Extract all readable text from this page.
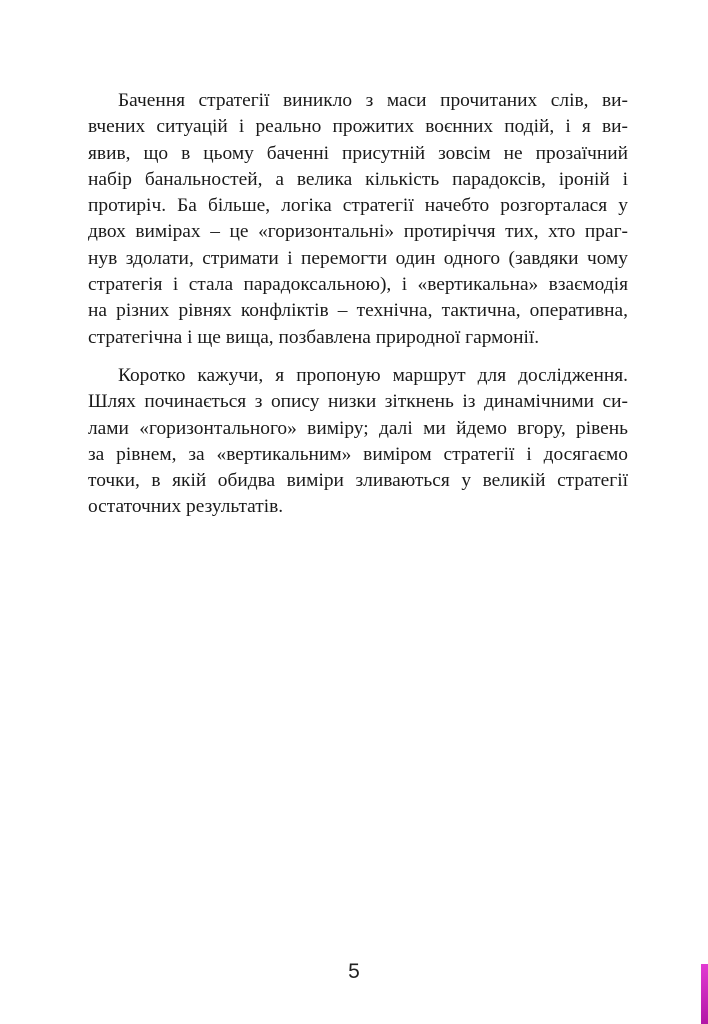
Бачення стратегії виникло з маси прочитаних слів, ви-
вчених ситуацій і реально прожитих воєнних подій, і я ви-
явив, що в цьому баченні присутній зовсім не прозаїчний
набір банальностей, а велика кількість парадоксів, іроній і
протиріч. Ба більше, логіка стратегії начебто розгорталася у
двох вимірах – це «горизонтальні» протиріччя тих, хто праг-
нув здолати, стримати і перемогти один одного (завдяки чому
стратегія і стала парадоксальною), і «вертикальна» взаємодія
на різних рівнях конфліктів – технічна, тактична, оперативна,
стратегічна і ще вища, позбавлена природної гармонії.
Коротко кажучи, я пропоную маршрут для дослідження.
Шлях починається з опису низки зіткнень із динамічними си-
лами «горизонтального» виміру; далі ми йдемо вгору, рівень
за рівнем, за «вертикальним» виміром стратегії і досягаємо
точки, в якій обидва виміри зливаються у великій стратегії
остаточних результатів.
5
